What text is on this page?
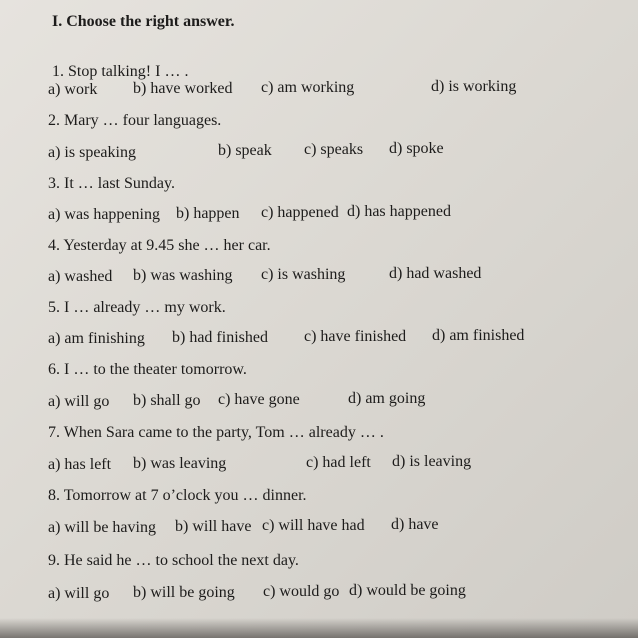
I. Choose the right answer.
1. Stop talking! I … .
a) work b) have worked c) am working	d) is working
2. Mary … four languages.
a) is speaking	b) speak c) speaks d) spoke
3. It … last Sunday.
a) was happening b) happen c) happened d) has happened
4. Yesterday at 9.45 she … her car.
a) washed b) was washing c) is washing	d) had washed
5. I … already … my work.
a) am finishing b) had finished c) have finished d) am finished
6. I … to the theater tomorrow.
a) will go b) shall go c) have gone	d) am going
7. When Sara came to the party, Tom … already … .
a) has left b) was leaving	c) had left d) is leaving
8. Tomorrow at 7 o’clock you … dinner.
a) will be having b) will have c) will have had d) have
9. He said he … to school the next day.
a) will go b) will be going c) would go d) would be going
